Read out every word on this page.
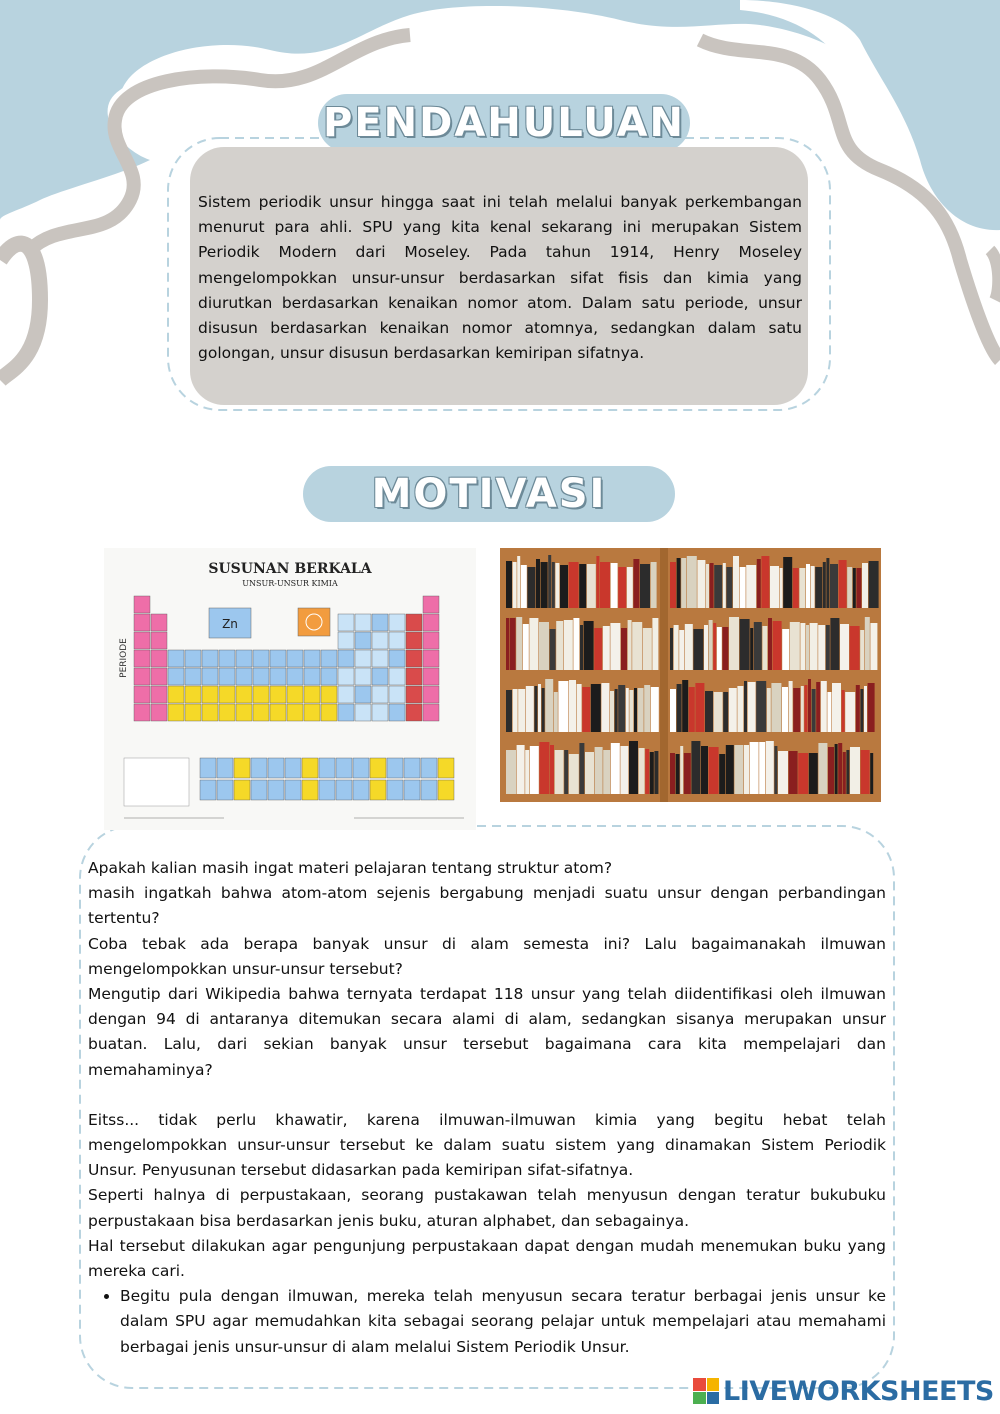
PENDAHULUAN
Sistem periodik unsur hingga saat ini telah melalui banyak perkembangan menurut para ahli. SPU yang kita kenal sekarang ini merupakan Sistem Periodik Modern dari Moseley. Pada tahun 1914, Henry Moseley mengelompokkan unsur-unsur berdasarkan sifat fisis dan kimia yang diurutkan berdasarkan kenaikan nomor atom. Dalam satu periode, unsur disusun berdasarkan kenaikan nomor atomnya, sedangkan dalam satu golongan, unsur disusun berdasarkan kemiripan sifatnya.
MOTIVASI
SUSUNAN BERKALA
UNSUR-UNSUR KIMIA
PERIODE
Zn

Apakah kalian masih ingat materi pelajaran tentang struktur atom?

masih ingatkah bahwa atom-atom sejenis bergabung menjadi suatu unsur dengan perbandingan tertentu?

Coba tebak ada berapa banyak unsur di alam semesta ini? Lalu bagaimanakah ilmuwan mengelompokkan unsur-unsur tersebut?

Mengutip dari Wikipedia bahwa ternyata terdapat 118 unsur yang telah diidentifikasi oleh ilmuwan dengan 94 di antaranya ditemukan secara alami di alam, sedangkan sisanya merupakan unsur buatan. Lalu, dari sekian banyak unsur tersebut bagaimana cara kita mempelajari dan memahaminya?

Eitss... tidak perlu khawatir, karena ilmuwan-ilmuwan kimia yang begitu hebat telah mengelompokkan unsur-unsur tersebut ke dalam suatu sistem yang dinamakan Sistem Periodik Unsur. Penyusunan tersebut didasarkan pada kemiripan sifat-sifatnya.

Seperti halnya di perpustakaan, seorang pustakawan telah menyusun dengan teratur bukubuku perpustakaan bisa berdasarkan jenis buku, aturan alphabet, dan sebagainya.

Hal tersebut dilakukan agar pengunjung perpustakaan dapat dengan mudah menemukan buku yang mereka cari.

• Begitu pula dengan ilmuwan, mereka telah menyusun secara teratur berbagai jenis unsur ke dalam SPU agar memudahkan kita sebagai seorang pelajar untuk mempelajari atau memahami berbagai jenis unsur-unsur di alam melalui Sistem Periodik Unsur.
LIVEWORKSHEETS
